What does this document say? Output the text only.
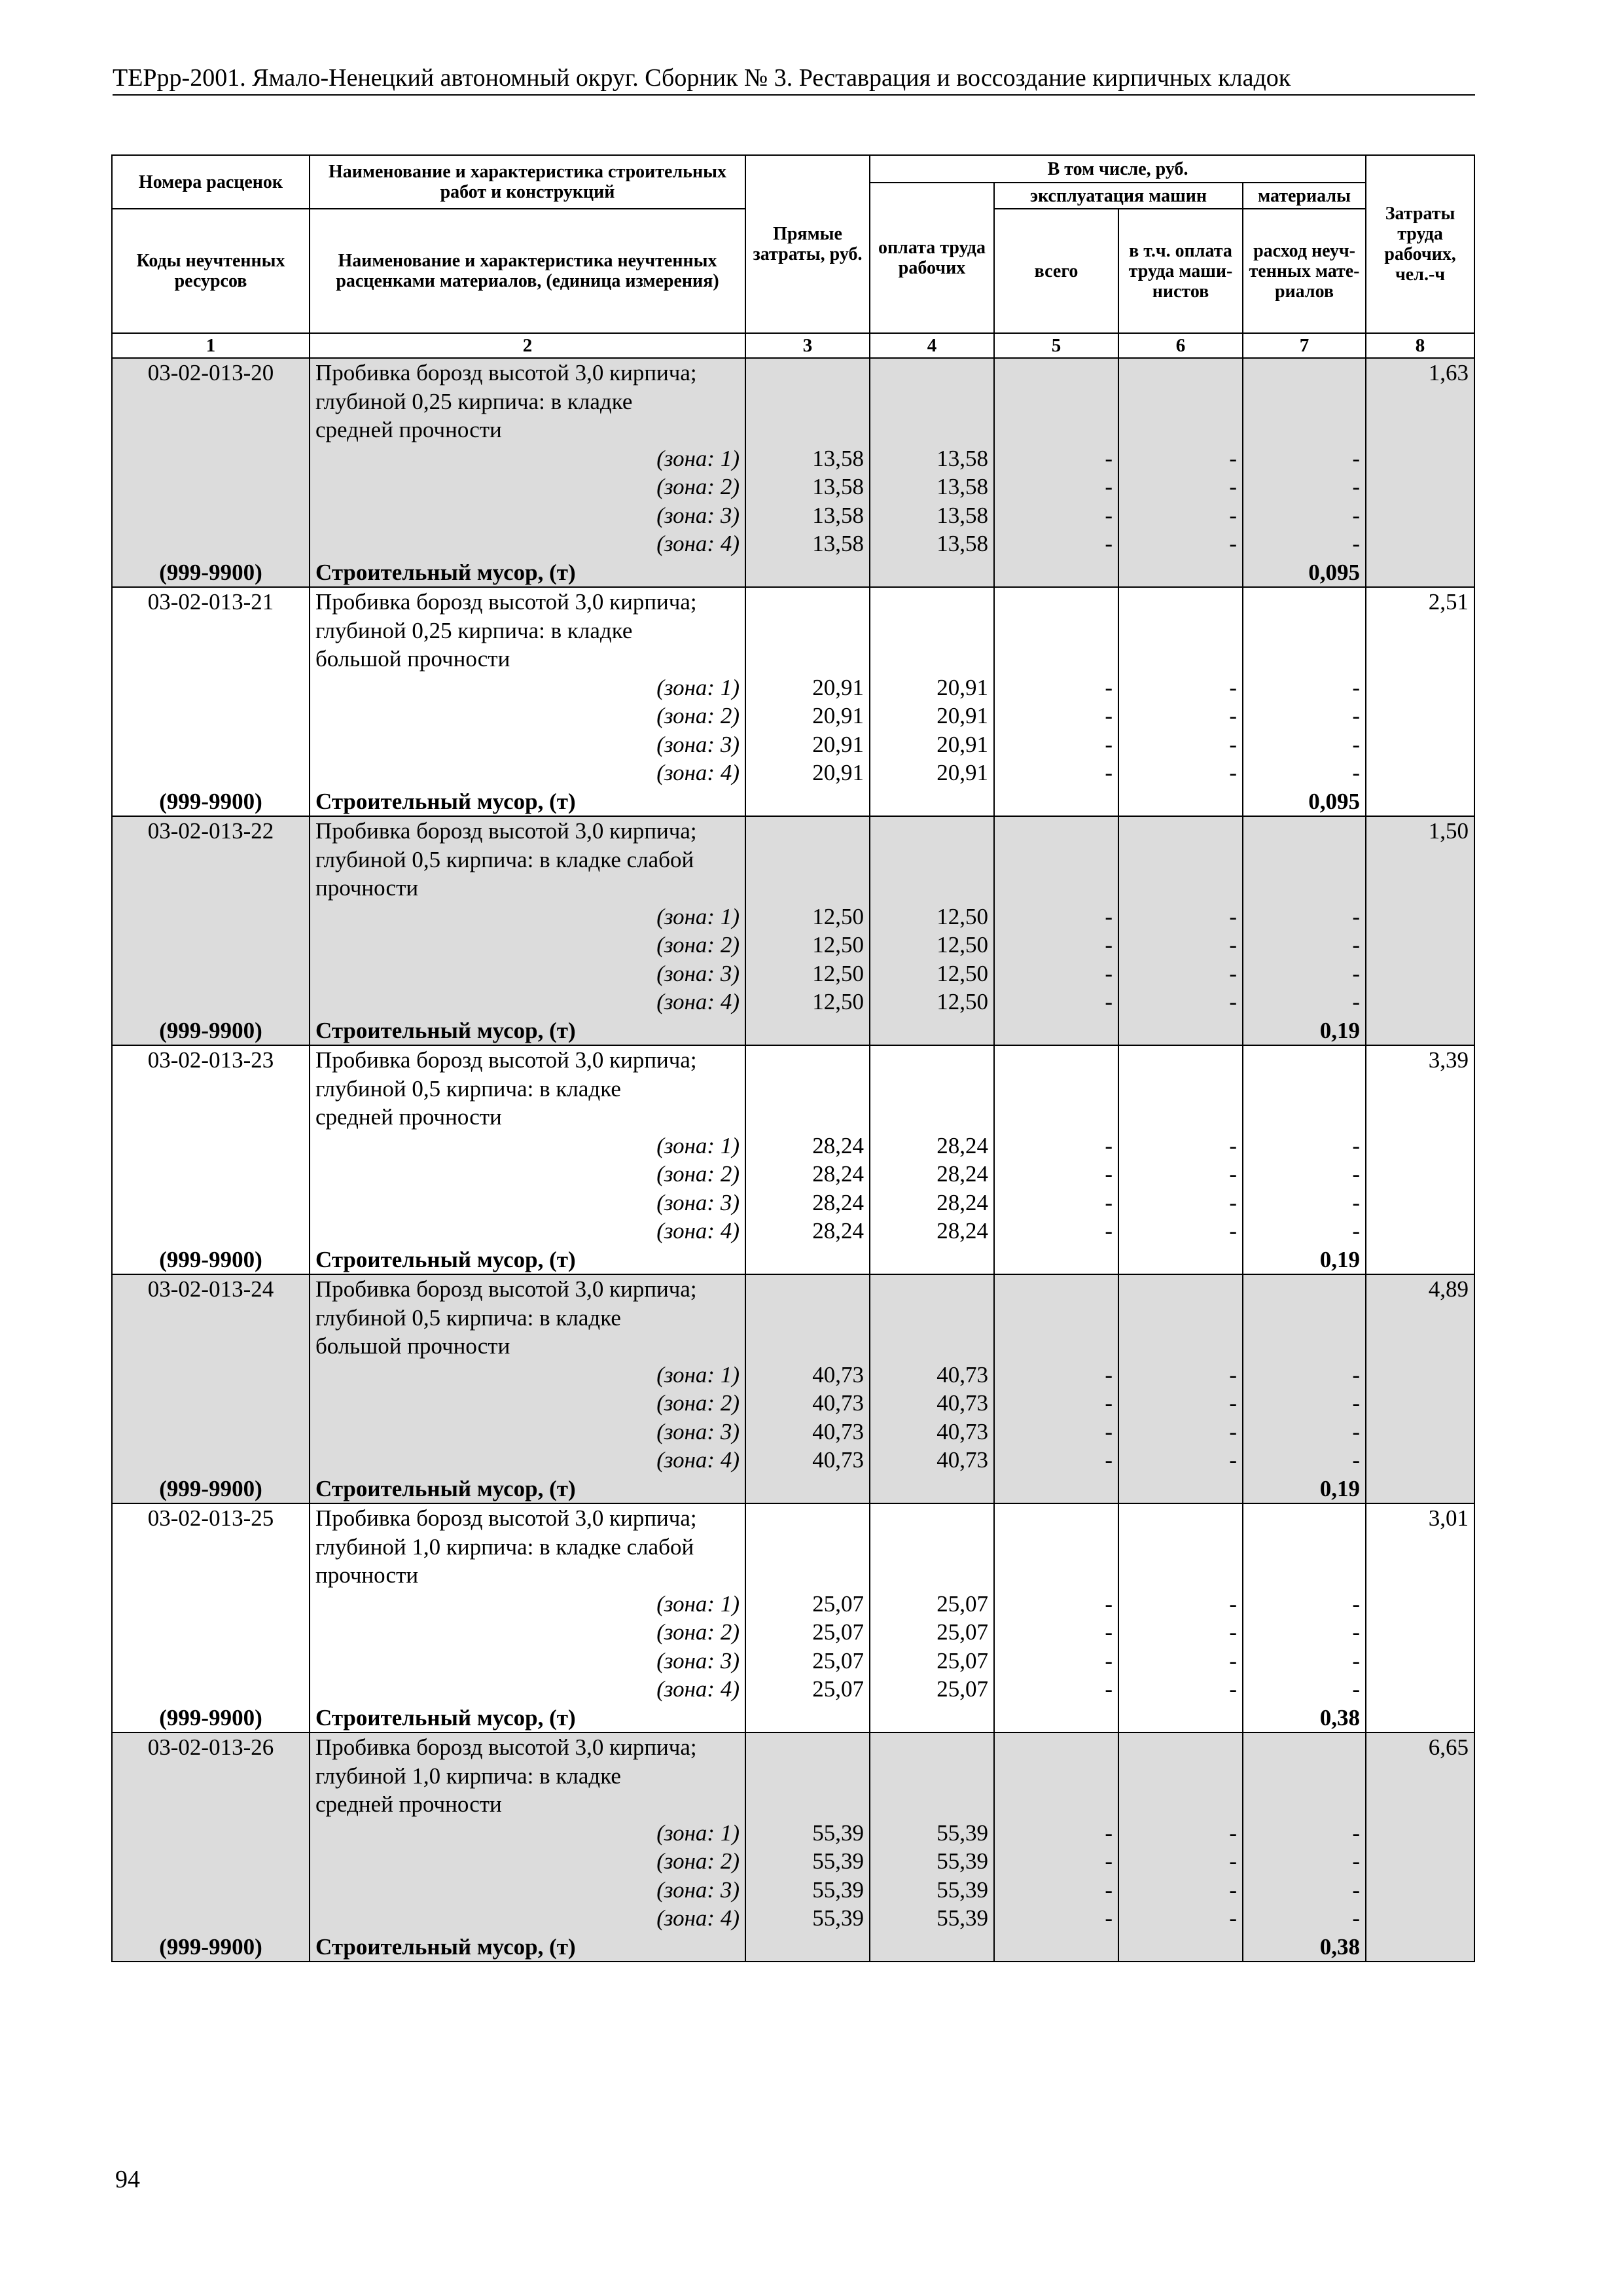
ТЕРрр-2001. Ямало-Ненецкий автономный округ. Сборник № 3. Реставрация и воссоздание кирпичных кладок
Номера расценок	Наименование и характеристика строительных работ и конструкций	Прямые затраты, руб.	В том числе, руб.				Затраты труда рабочих, чел.-ч
			оплата труда рабочих	эксплуатация машин		материалы	
Коды неучтенных ресурсов	Наименование и характеристика неучтенных расценками материалов, (единица измерения)			всего	в т.ч. оплата труда маши-нистов	расход неуч-тенных мате-риалов	
1	2	3	4	5	6	7	8
03-02-013-20	Пробивка борозд высотой 3,0 кирпича;						1,63
	глубиной 0,25 кирпича: в кладке						
	средней прочности						
	(зона: 1)	13,58	13,58	-	-	-	
	(зона: 2)	13,58	13,58	-	-	-	
	(зона: 3)	13,58	13,58	-	-	-	
	(зона: 4)	13,58	13,58	-	-	-	
(999-9900)	Строительный мусор, (т)					0,095	
03-02-013-21	Пробивка борозд высотой 3,0 кирпича;						2,51
	глубиной 0,25 кирпича: в кладке						
	большой прочности						
	(зона: 1)	20,91	20,91	-	-	-	
	(зона: 2)	20,91	20,91	-	-	-	
	(зона: 3)	20,91	20,91	-	-	-	
	(зона: 4)	20,91	20,91	-	-	-	
(999-9900)	Строительный мусор, (т)					0,095	
03-02-013-22	Пробивка борозд высотой 3,0 кирпича;						1,50
	глубиной 0,5 кирпича: в кладке слабой						
	прочности						
	(зона: 1)	12,50	12,50	-	-	-	
	(зона: 2)	12,50	12,50	-	-	-	
	(зона: 3)	12,50	12,50	-	-	-	
	(зона: 4)	12,50	12,50	-	-	-	
(999-9900)	Строительный мусор, (т)					0,19	
03-02-013-23	Пробивка борозд высотой 3,0 кирпича;						3,39
	глубиной 0,5 кирпича: в кладке						
	средней прочности						
	(зона: 1)	28,24	28,24	-	-	-	
	(зона: 2)	28,24	28,24	-	-	-	
	(зона: 3)	28,24	28,24	-	-	-	
	(зона: 4)	28,24	28,24	-	-	-	
(999-9900)	Строительный мусор, (т)					0,19	
03-02-013-24	Пробивка борозд высотой 3,0 кирпича;						4,89
	глубиной 0,5 кирпича: в кладке						
	большой прочности						
	(зона: 1)	40,73	40,73	-	-	-	
	(зона: 2)	40,73	40,73	-	-	-	
	(зона: 3)	40,73	40,73	-	-	-	
	(зона: 4)	40,73	40,73	-	-	-	
(999-9900)	Строительный мусор, (т)					0,19	
03-02-013-25	Пробивка борозд высотой 3,0 кирпича;						3,01
	глубиной 1,0 кирпича: в кладке слабой						
	прочности						
	(зона: 1)	25,07	25,07	-	-	-	
	(зона: 2)	25,07	25,07	-	-	-	
	(зона: 3)	25,07	25,07	-	-	-	
	(зона: 4)	25,07	25,07	-	-	-	
(999-9900)	Строительный мусор, (т)					0,38	
03-02-013-26	Пробивка борозд высотой 3,0 кирпича;						6,65
	глубиной 1,0 кирпича: в кладке						
	средней прочности						
	(зона: 1)	55,39	55,39	-	-	-	
	(зона: 2)	55,39	55,39	-	-	-	
	(зона: 3)	55,39	55,39	-	-	-	
	(зона: 4)	55,39	55,39	-	-	-	
(999-9900)	Строительный мусор, (т)					0,38	
94
